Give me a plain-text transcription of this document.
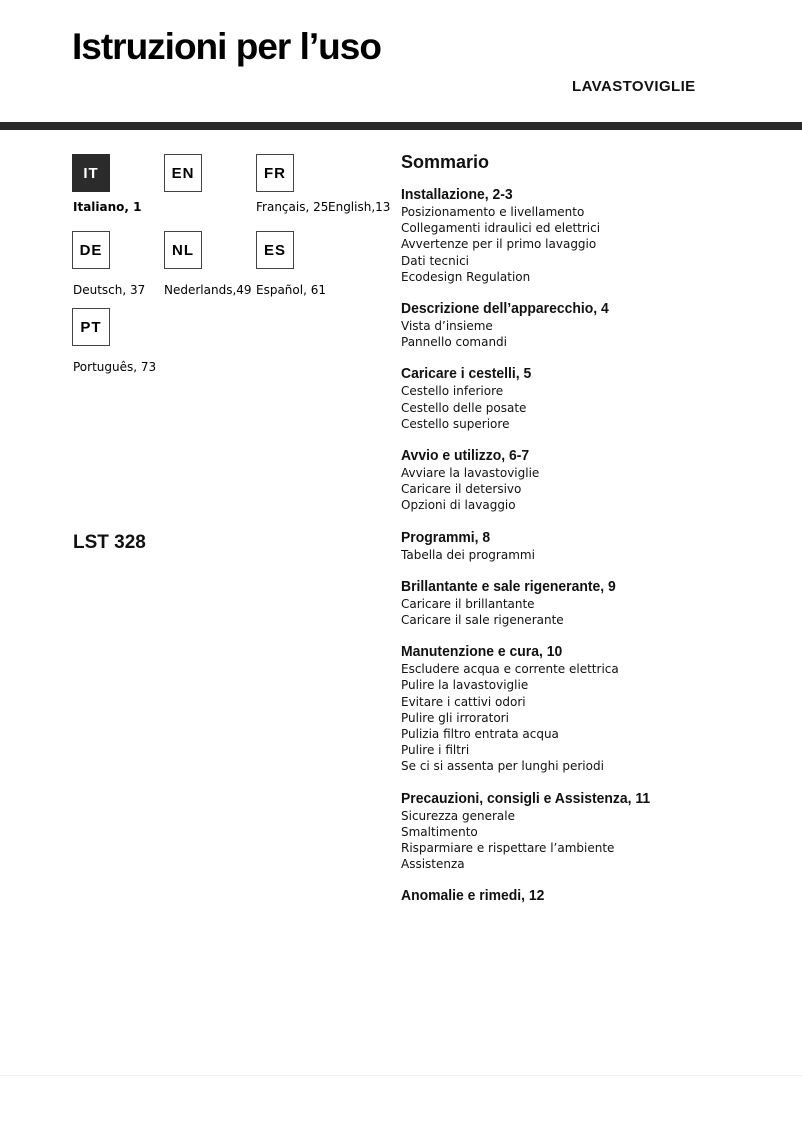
Istruzioni per l’uso
LAVASTOVIGLIE
IT	EN	FR
Italiano, 1	Français, 25 English,13
DE	NL	ES
Deutsch, 37 Nederlands,49 Español, 61
PT
Português, 73
LST 328
Sommario
Installazione, 2-3
Posizionamento e livellamento
Collegamenti idraulici ed elettrici
Avvertenze per il primo lavaggio
Dati tecnici
Ecodesign Regulation
Descrizione dell’apparecchio, 4
Vista d’insieme
Pannello comandi
Caricare i cestelli, 5
Cestello inferiore
Cestello delle posate
Cestello superiore
Avvio e utilizzo, 6-7
Avviare la lavastoviglie
Caricare il detersivo
Opzioni di lavaggio
Programmi, 8
Tabella dei programmi
Brillantante e sale rigenerante, 9
Caricare il brillantante
Caricare il sale rigenerante
Manutenzione e cura, 10
Escludere acqua e corrente elettrica
Pulire la lavastoviglie
Evitare i cattivi odori
Pulire gli irroratori
Pulizia filtro entrata acqua
Pulire i filtri
Se ci si assenta per lunghi periodi
Precauzioni, consigli e Assistenza, 11
Sicurezza generale
Smaltimento
Risparmiare e rispettare l’ambiente
Assistenza
Anomalie e rimedi, 12
